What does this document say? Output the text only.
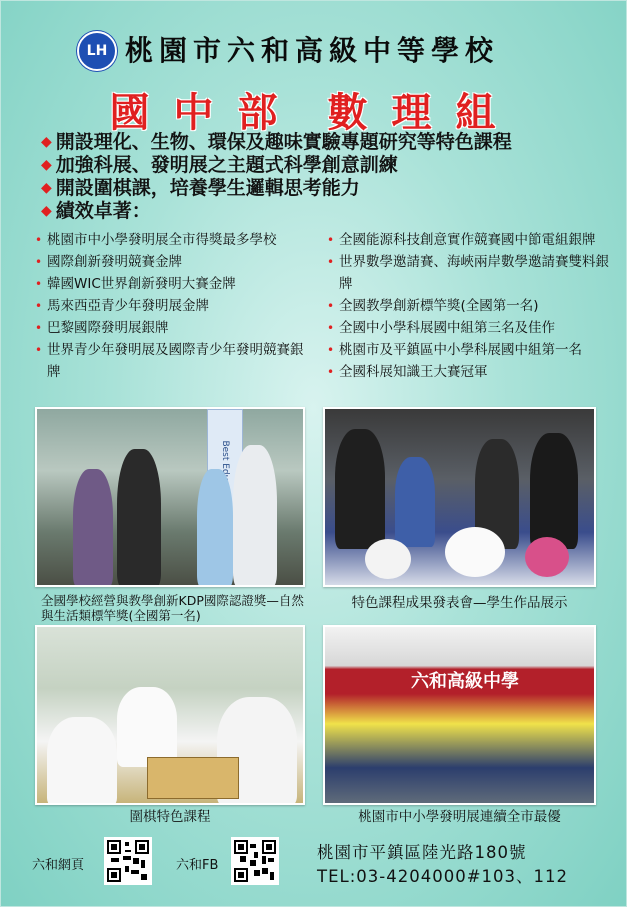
LH 桃園市六和高級中等學校
國中部 數理組
◆ 開設理化、生物、環保及趣味實驗專題研究等特色課程
◆ 加強科展、發明展之主題式科學創意訓練
◆ 開設圍棋課，培養學生邏輯思考能力
◆ 績效卓著：
• 桃園市中小學發明展全市得獎最多學校
• 國際創新發明競賽金牌
• 韓國WIC世界創新發明大賽金牌
• 馬來西亞青少年發明展金牌
• 巴黎國際發明展銀牌
• 世界青少年發明展及國際青少年發明競賽銀牌
• 全國能源科技創意實作競賽國中節電組銀牌
• 世界數學邀請賽、海峽兩岸數學邀請賽雙料銀牌
• 全國教學創新標竿獎(全國第一名)
• 全國中小學科展國中組第三名及佳作
• 桃園市及平鎮區中小學科展國中組第一名
• 全國科展知識王大賽冠軍
全國學校經營與教學創新KDP國際認證獎—自然與生活類標竿獎(全國第一名)
特色課程成果發表會—學生作品展示
六和高級中學
圍棋特色課程	桃園市中小學發明展連續全市最優
六和網頁	六和FB
桃園市平鎮區陸光路180號
TEL:03-4204000#103、112
